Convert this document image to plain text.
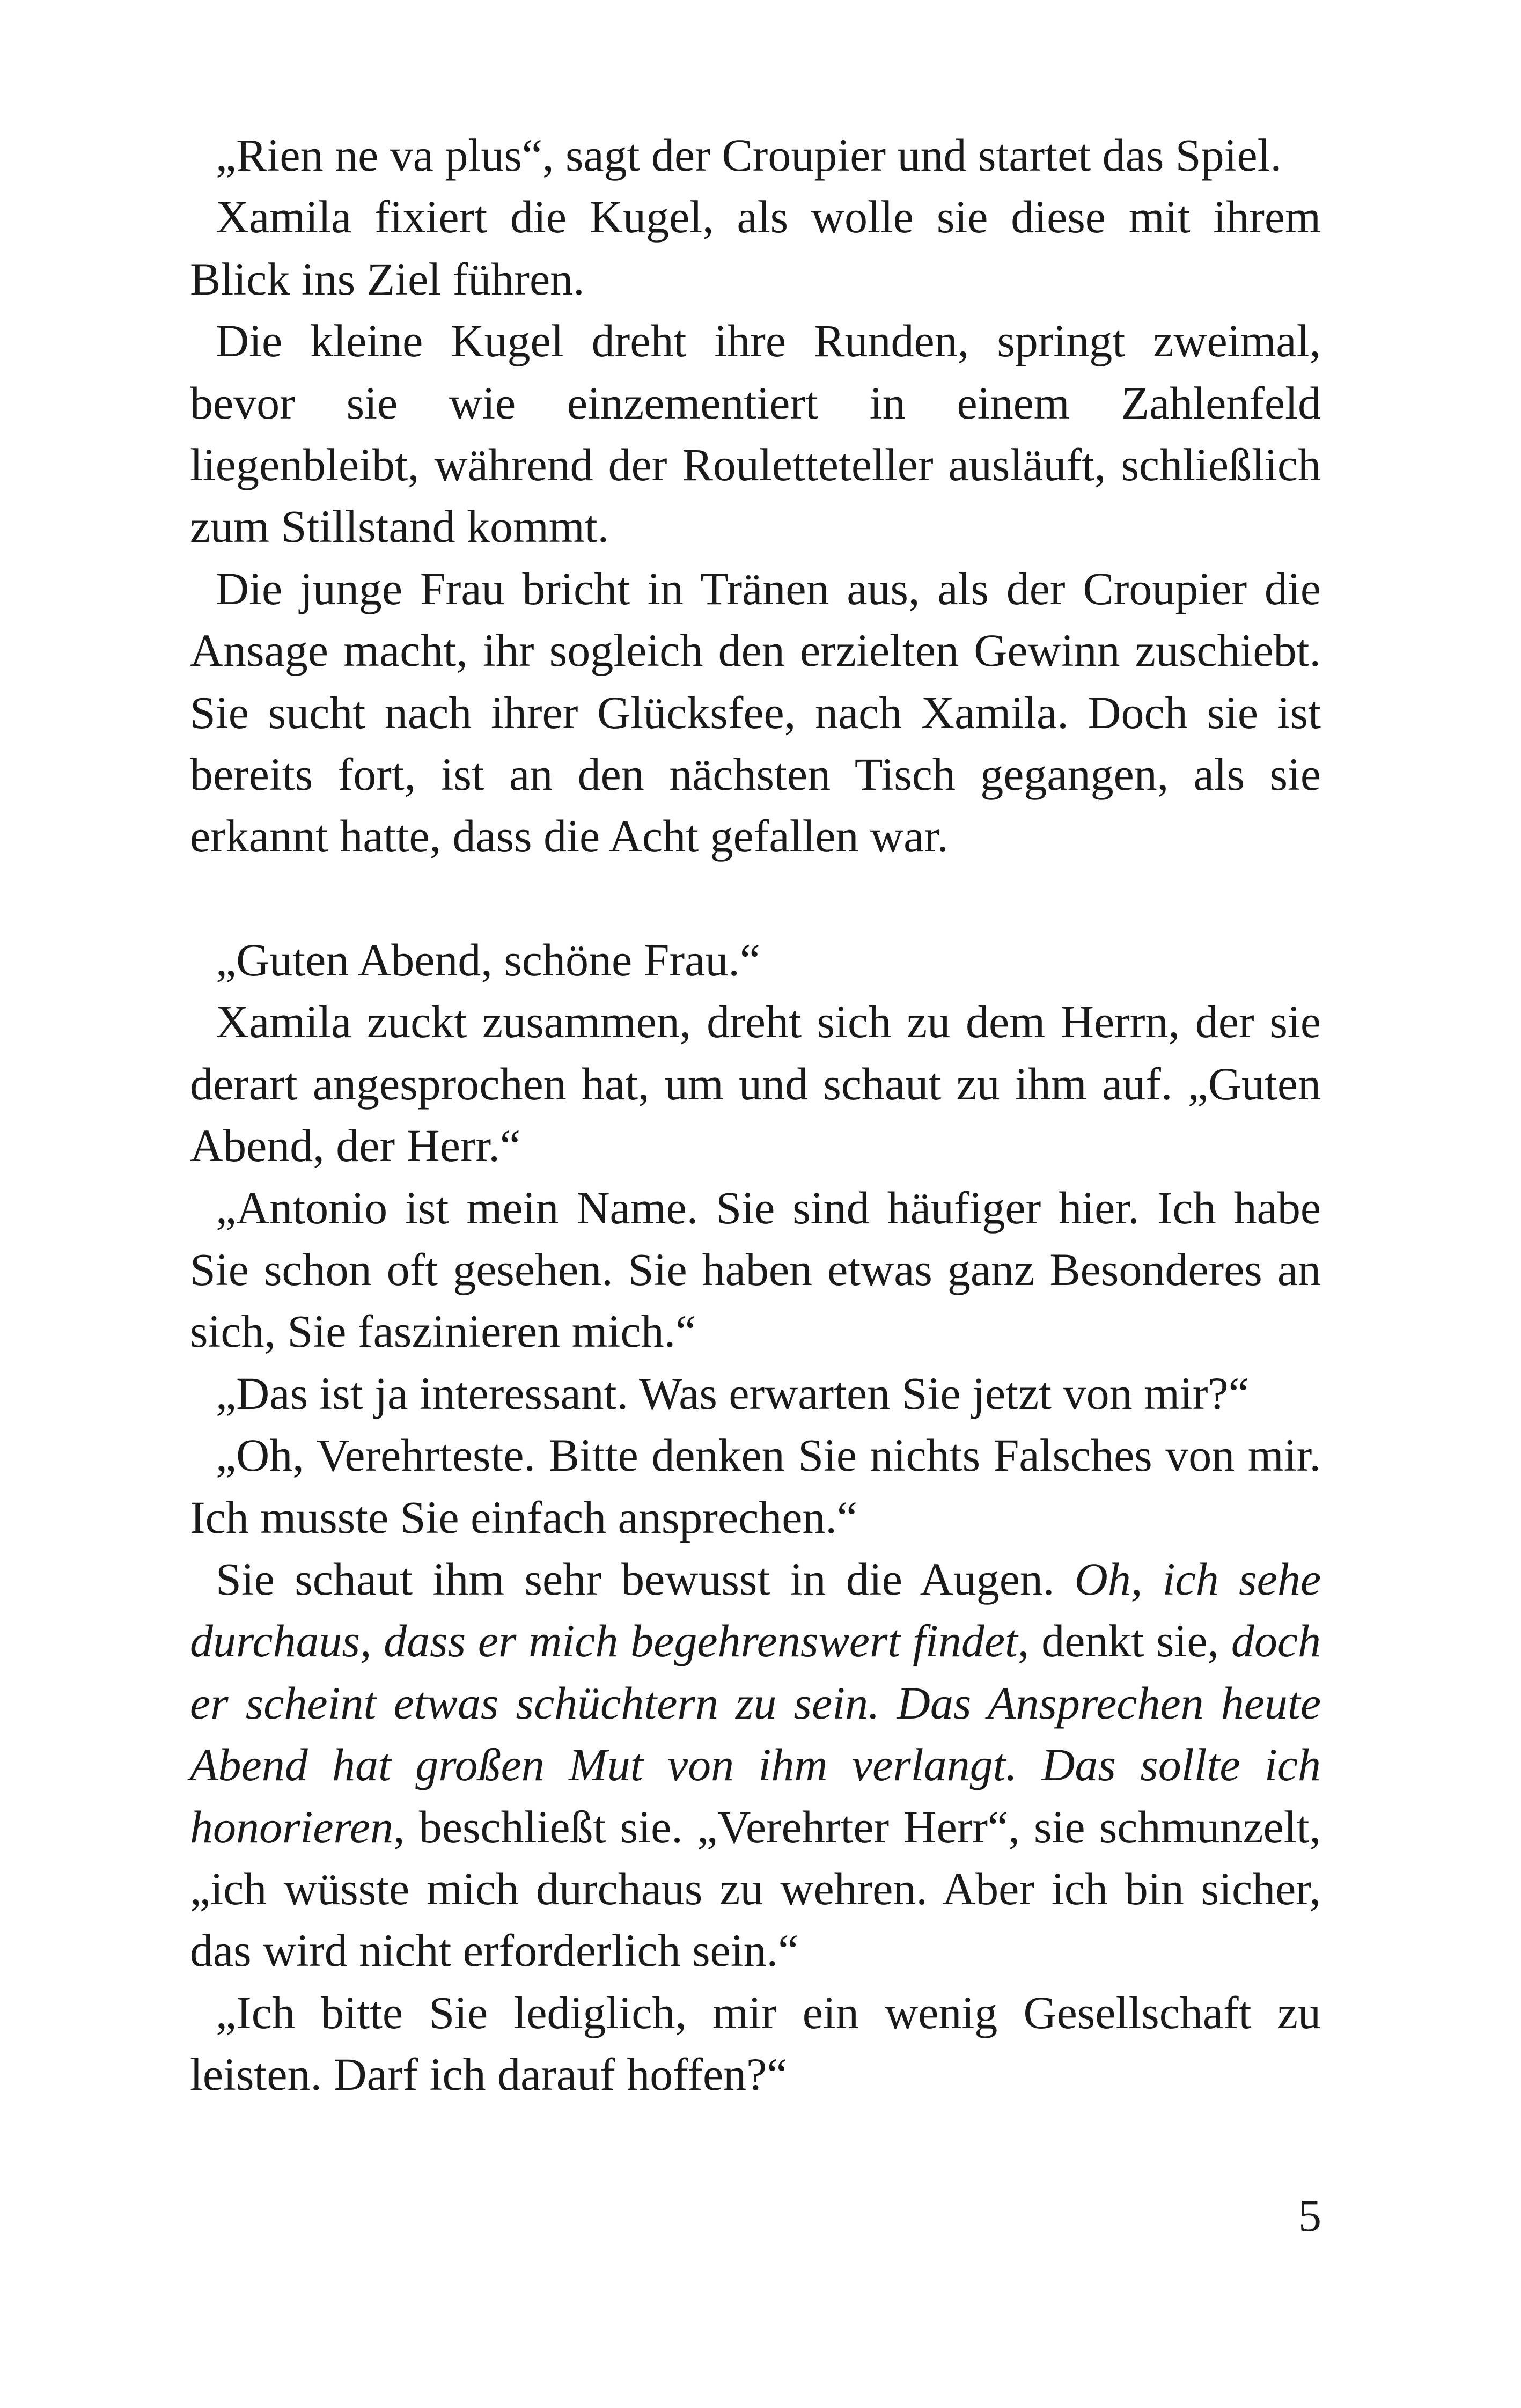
„Rien ne va plus“, sagt der Croupier und startet das Spiel.

Xamila fixiert die Kugel, als wolle sie diese mit ihrem Blick ins Ziel führen.

Die kleine Kugel dreht ihre Runden, springt zweimal, bevor sie wie einzementiert in einem Zahlenfeld liegenbleibt, während der Rouletteteller ausläuft, schließlich zum Stillstand kommt.

Die junge Frau bricht in Tränen aus, als der Croupier die Ansage macht, ihr sogleich den erzielten Gewinn zuschiebt. Sie sucht nach ihrer Glücksfee, nach Xamila. Doch sie ist bereits fort, ist an den nächsten Tisch gegangen, als sie erkannt hatte, dass die Acht gefallen war.

„Guten Abend, schöne Frau.“

Xamila zuckt zusammen, dreht sich zu dem Herrn, der sie derart angesprochen hat, um und schaut zu ihm auf. „Guten Abend, der Herr.“

„Antonio ist mein Name. Sie sind häufiger hier. Ich habe Sie schon oft gesehen. Sie haben etwas ganz Besonderes an sich, Sie faszinieren mich.“

„Das ist ja interessant. Was erwarten Sie jetzt von mir?“

„Oh, Verehrteste. Bitte denken Sie nichts Falsches von mir. Ich musste Sie einfach ansprechen.“

Sie schaut ihm sehr bewusst in die Augen. Oh, ich sehe durchaus, dass er mich begehrenswert findet, denkt sie, doch er scheint etwas schüchtern zu sein. Das Ansprechen heute Abend hat großen Mut von ihm verlangt. Das sollte ich honorieren, beschließt sie. „Verehrter Herr“, sie schmunzelt, „ich wüsste mich durchaus zu wehren. Aber ich bin sicher, das wird nicht erforderlich sein.“

„Ich bitte Sie lediglich, mir ein wenig Gesellschaft zu leisten. Darf ich darauf hoffen?“

5
